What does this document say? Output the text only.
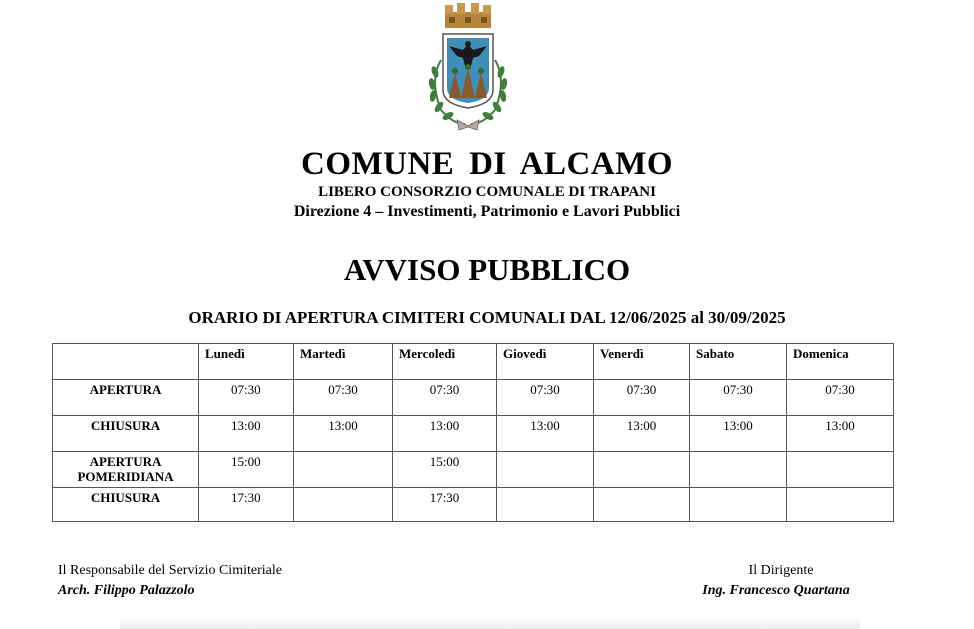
COMUNE DI ALCAMO
LIBERO CONSORZIO COMUNALE DI TRAPANI
Direzione 4 – Investimenti, Patrimonio e Lavori Pubblici
AVVISO PUBBLICO
ORARIO DI APERTURA CIMITERI COMUNALI DAL 12/06/2025 al 30/09/2025
	Lunedì	Martedì	Mercoledì	Giovedì	Venerdì	Sabato	Domenica
APERTURA	07:30	07:30	07:30	07:30	07:30	07:30	07:30
CHIUSURA	13:00	13:00	13:00	13:00	13:00	13:00	13:00
APERTURA POMERIDIANA	15:00		15:00				
CHIUSURA	17:30		17:30				
Il Responsabile del Servizio Cimiteriale
Arch. Filippo Palazzolo
Il Dirigente
Ing. Francesco Quartana
